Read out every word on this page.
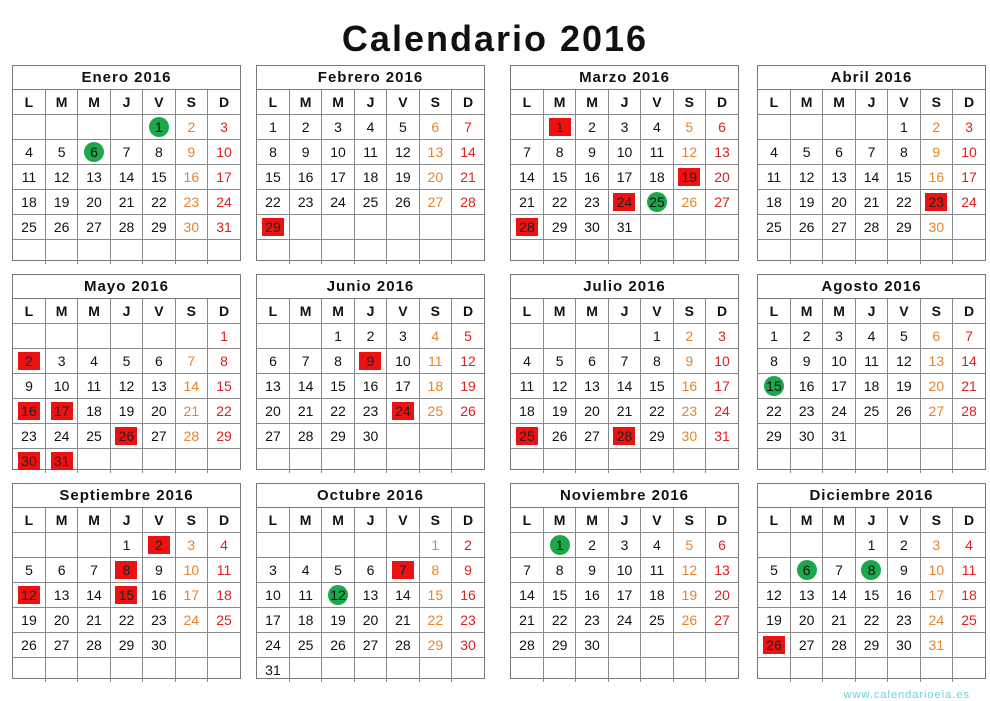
Calendario 2016
Enero 2016
L	M	M	J	V	S	D
				1	2	3
4	5	6	7	8	9	10
11	12	13	14	15	16	17
18	19	20	21	22	23	24
25	26	27	28	29	30	31

Febrero 2016
L	M	M	J	V	S	D
1	2	3	4	5	6	7
8	9	10	11	12	13	14
15	16	17	18	19	20	21
22	23	24	25	26	27	28
29						

Marzo 2016
L	M	M	J	V	S	D
	1	2	3	4	5	6
7	8	9	10	11	12	13
14	15	16	17	18	19	20
21	22	23	24	25	26	27
28	29	30	31			

Abril 2016
L	M	M	J	V	S	D
				1	2	3
4	5	6	7	8	9	10
11	12	13	14	15	16	17
18	19	20	21	22	23	24
25	26	27	28	29	30	

Mayo 2016
L	M	M	J	V	S	D
						1
2	3	4	5	6	7	8
9	10	11	12	13	14	15
16	17	18	19	20	21	22
23	24	25	26	27	28	29
30	31					
Junio 2016
L	M	M	J	V	S	D
		1	2	3	4	5
6	7	8	9	10	11	12
13	14	15	16	17	18	19
20	21	22	23	24	25	26
27	28	29	30			

Julio 2016
L	M	M	J	V	S	D
				1	2	3
4	5	6	7	8	9	10
11	12	13	14	15	16	17
18	19	20	21	22	23	24
25	26	27	28	29	30	31

Agosto 2016
L	M	M	J	V	S	D
1	2	3	4	5	6	7
8	9	10	11	12	13	14
15	16	17	18	19	20	21
22	23	24	25	26	27	28
29	30	31				

Septiembre 2016
L	M	M	J	V	S	D
			1	2	3	4
5	6	7	8	9	10	11
12	13	14	15	16	17	18
19	20	21	22	23	24	25
26	27	28	29	30		

Octubre 2016
L	M	M	J	V	S	D
					1	2
3	4	5	6	7	8	9
10	11	12	13	14	15	16
17	18	19	20	21	22	23
24	25	26	27	28	29	30
31						
Noviembre 2016
L	M	M	J	V	S	D
	1	2	3	4	5	6
7	8	9	10	11	12	13
14	15	16	17	18	19	20
21	22	23	24	25	26	27
28	29	30				

Diciembre 2016
L	M	M	J	V	S	D
			1	2	3	4
5	6	7	8	9	10	11
12	13	14	15	16	17	18
19	20	21	22	23	24	25
26	27	28	29	30	31	

www.calendarioeia.es
